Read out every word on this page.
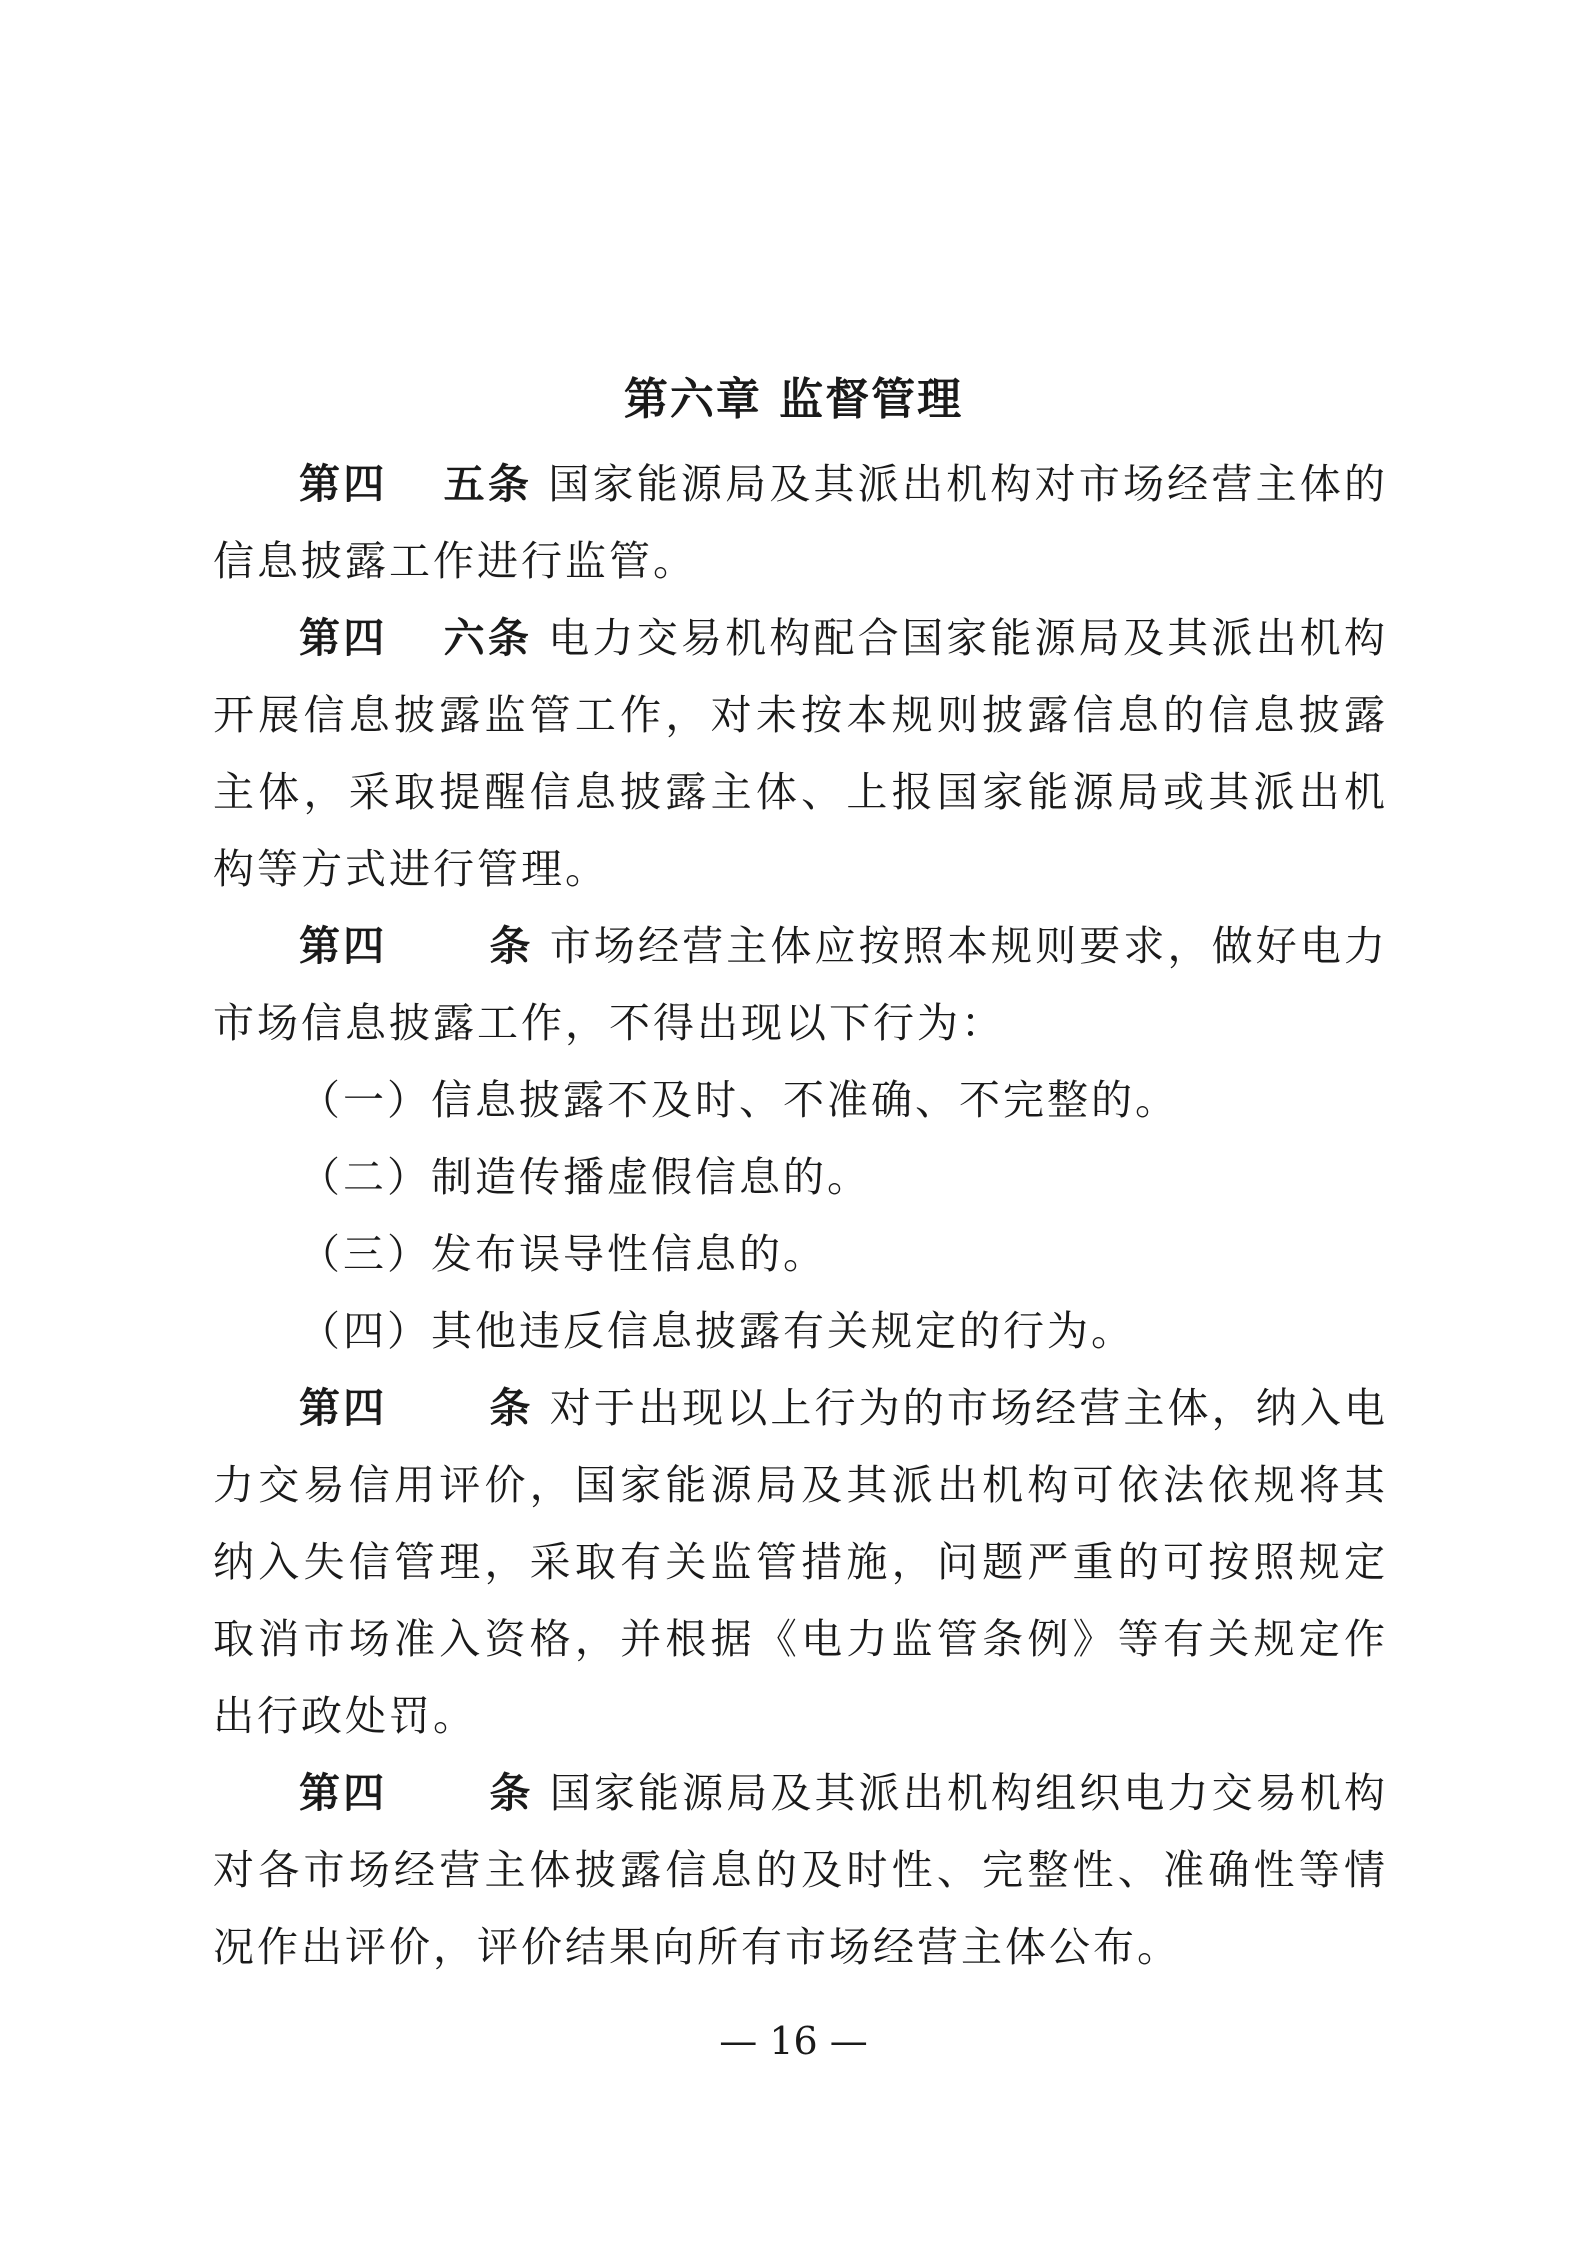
第六章 监督管理

第四 五条 国家能源局及其派出机构对市场经营主体的信息披露工作进行监管。

第四 六条 电力交易机构配合国家能源局及其派出机构开展信息披露监管工作，对未按本规则披露信息的信息披露主体，采取提醒信息披露主体、上报国家能源局或其派出机构等方式进行管理。

第四 条 市场经营主体应按照本规则要求，做好电力市场信息披露工作，不得出现以下行为：

（一）信息披露不及时、不准确、不完整的。

（二）制造传播虚假信息的。

（三）发布误导性信息的。

（四）其他违反信息披露有关规定的行为。

第四 条 对于出现以上行为的市场经营主体，纳入电力交易信用评价，国家能源局及其派出机构可依法依规将其纳入失信管理，采取有关监管措施，问题严重的可按照规定取消市场准入资格，并根据《电力监管条例》等有关规定作出行政处罚。

第四 条 国家能源局及其派出机构组织电力交易机构对各市场经营主体披露信息的及时性、完整性、准确性等情况作出评价，评价结果向所有市场经营主体公布。

— 16 —
